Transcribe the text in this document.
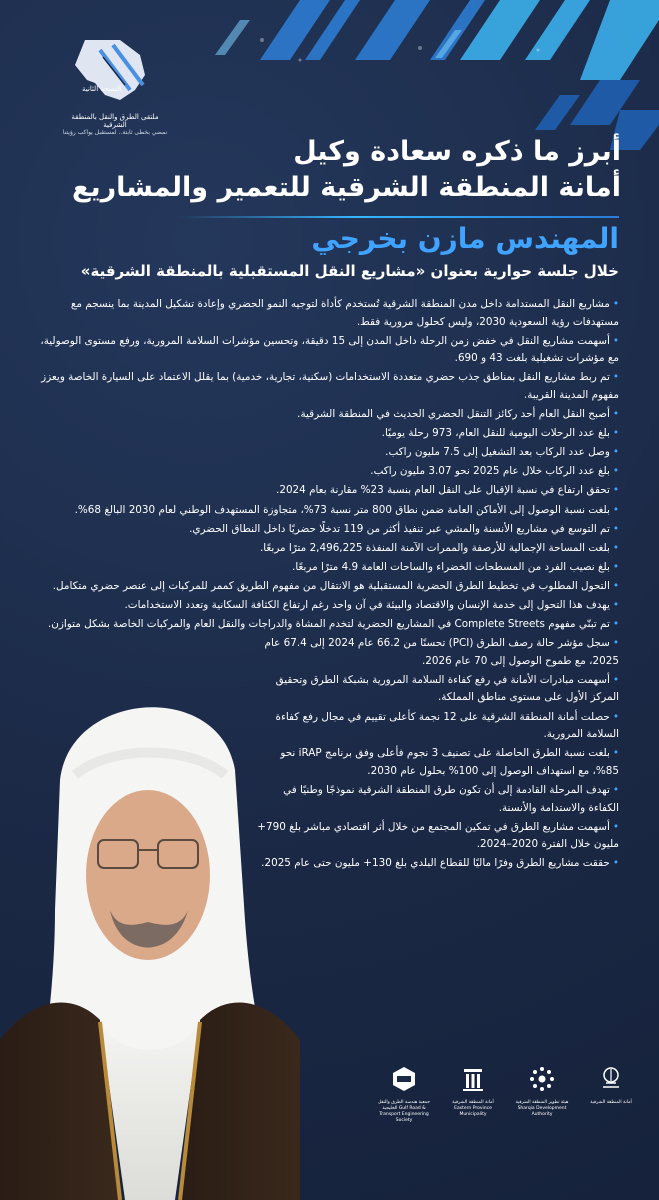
النسخة الثانية
ملتقى الطرق والنقل بالمنطقة الشرقية
نمضي بخطى ثابتة.. لمستقبل يواكب رؤيتنا
أبرز ما ذكره سعادة وكيل
أمانة المنطقة الشرقية للتعمير والمشاريع
المهندس مازن بخرجي
خلال جلسة حوارية بعنوان «مشاريع النقل المستقبلية بالمنطقة الشرقية»
•مشاريع النقل المستدامة داخل مدن المنطقة الشرقية تُستخدم كأداة لتوجيه النمو الحضري وإعادة تشكيل المدينة بما ينسجم مع مستهدفات رؤية السعودية 2030، وليس كحلول مرورية فقط.
•أسهمت مشاريع النقل في خفض زمن الرحلة داخل المدن إلى 15 دقيقة، وتحسين مؤشرات السلامة المرورية، ورفع مستوى الوصولية، مع مؤشرات تشغيلية بلغت 43 و 690.
•تم ربط مشاريع النقل بمناطق جذب حضري متعددة الاستخدامات (سكنية، تجارية، خدمية) بما يقلل الاعتماد على السيارة الخاصة ويعزز مفهوم المدينة القريبة.
•أصبح النقل العام أحد ركائز التنقل الحضري الحديث في المنطقة الشرقية.
•بلغ عدد الرحلات اليومية للنقل العام، 973 رحلة يوميًا.
•وصل عدد الركاب بعد التشغيل إلى 7.5 مليون راكب.
•بلغ عدد الركاب خلال عام 2025 نحو 3.07 مليون راكب.
•تحقق ارتفاع في نسبة الإقبال على النقل العام بنسبة 23% مقارنة بعام 2024.
•بلغت نسبة الوصول إلى الأماكن العامة ضمن نطاق 800 متر نسبة 73%، متجاوزة المستهدف الوطني لعام 2030 البالغ 68%.
•تم التوسع في مشاريع الأنسنة والمشي عبر تنفيذ أكثر من 119 تدخلًا حضريًا داخل النطاق الحضري.
•بلغت المساحة الإجمالية للأرصفة والممرات الآمنة المنفذة 2,496,225 مترًا مربعًا.
•بلغ نصيب الفرد من المسطحات الخضراء والساحات العامة 4.9 مترًا مربعًا.
•التحول المطلوب في تخطيط الطرق الحضرية المستقبلية هو الانتقال من مفهوم الطريق كممر للمركبات إلى عنصر حضري متكامل.
•يهدف هذا التحول إلى خدمة الإنسان والاقتصاد والبيئة في آن واحد رغم ارتفاع الكثافة السكانية وتعدد الاستخدامات.
•تم تبنّي مفهوم Complete Streets في المشاريع الحضرية لتخدم المشاة والدراجات والنقل العام والمركبات الخاصة بشكل متوازن.
•سجل مؤشر حالة رصف الطرق (PCI) تحسنًا من 66.2 عام 2024 إلى 67.4 عام 2025، مع طموح الوصول إلى 70 عام 2026.
•أسهمت مبادرات الأمانة في رفع كفاءة السلامة المرورية بشبكة الطرق وتحقيق المركز الأول على مستوى مناطق المملكة.
•حصلت أمانة المنطقة الشرقية على 12 نجمة كأعلى تقييم في مجال رفع كفاءة السلامة المرورية.
•بلغت نسبة الطرق الحاصلة على تصنيف 3 نجوم فأعلى وفق برنامج iRAP نحو 85%، مع استهداف الوصول إلى 100% بحلول عام 2030.
•تهدف المرحلة القادمة إلى أن تكون طرق المنطقة الشرقية نموذجًا وطنيًا في الكفاءة والاستدامة والأنسنة.
•أسهمت مشاريع الطرق في تمكين المجتمع من خلال أثر اقتصادي مباشر بلغ 790+ مليون خلال الفترة 2020–2024.
•حققت مشاريع الطرق وفرًا ماليًا للقطاع البلدي بلغ 130+ مليون حتى عام 2025.
أمانة المنطقة الشرقية
هيئة تطوير المنطقة الشرقية Sharqia Development Authority
أمانة المنطقة الشرقية Eastern Province Municipality
جمعية هندسة الطرق والنقل الخليجية Gulf Road & Transport Engineering Society
